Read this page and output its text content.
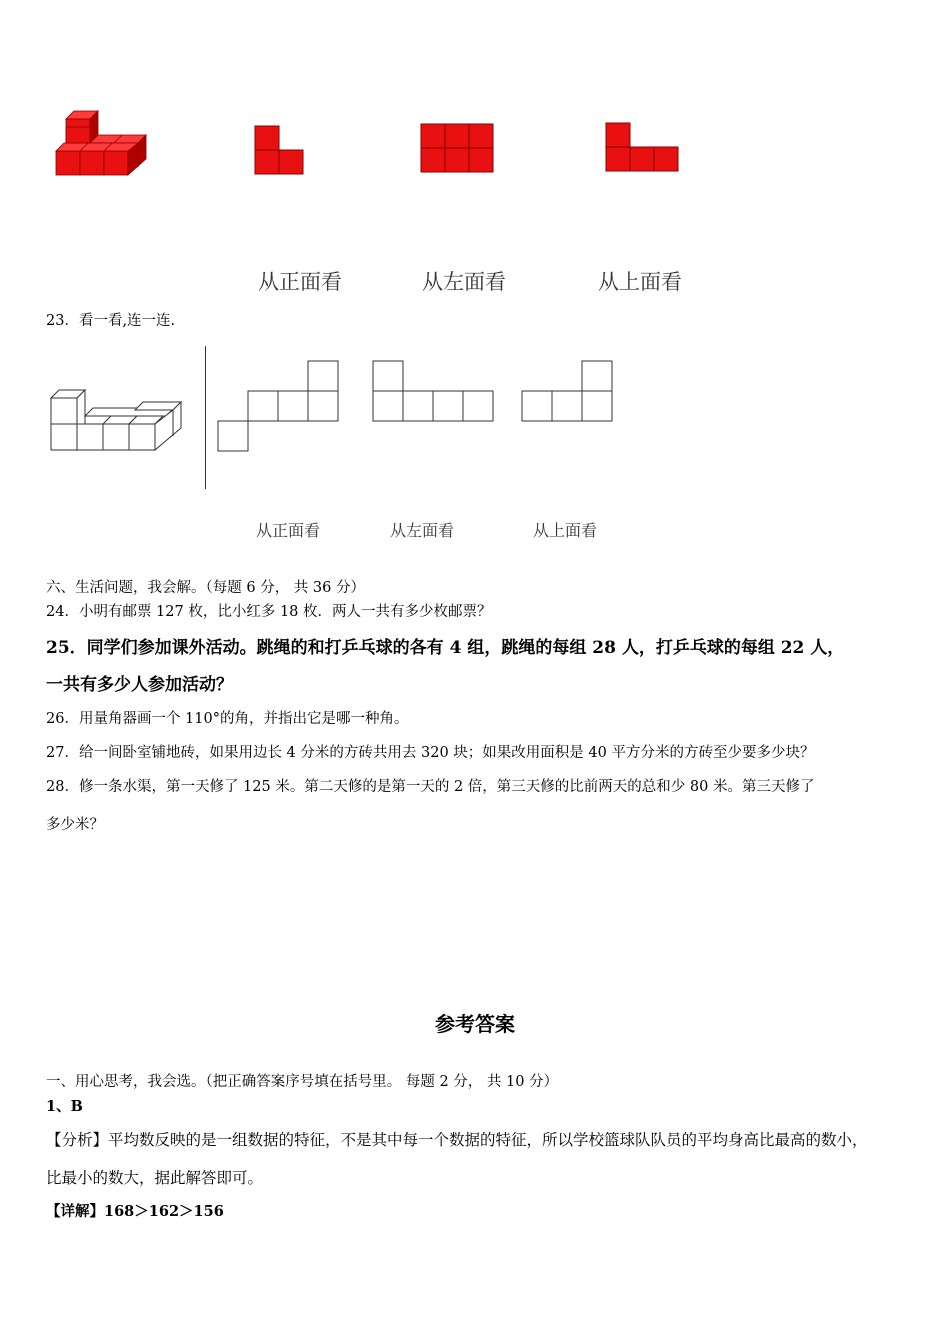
从正面看	从左面看	从上面看
23．看一看,连一连.
从正面看	从左面看	从上面看
六、生活问题，我会解。（每题 6 分， 共 36 分）
24．小明有邮票 127 枚，比小红多 18 枚．两人一共有多少枚邮票？
25．同学们参加课外活动。跳绳的和打乒乓球的各有 4 组，跳绳的每组 28 人，打乒乓球的每组 22 人，
一共有多少人参加活动？
26．用量角器画一个 110°的角，并指出它是哪一种角。
27．给一间卧室铺地砖，如果用边长 4 分米的方砖共用去 320 块；如果改用面积是 40 平方分米的方砖至少要多少块？
28．修一条水渠，第一天修了 125 米。第二天修的是第一天的 2 倍，第三天修的比前两天的总和少 80 米。第三天修了
多少米？
参考答案
一、用心思考，我会选。（把正确答案序号填在括号里。 每题 2 分， 共 10 分）
1、B
【分析】平均数反映的是一组数据的特征，不是其中每一个数据的特征，所以学校篮球队队员的平均身高比最高的数小，
比最小的数大，据此解答即可。
【详解】168＞162＞156
